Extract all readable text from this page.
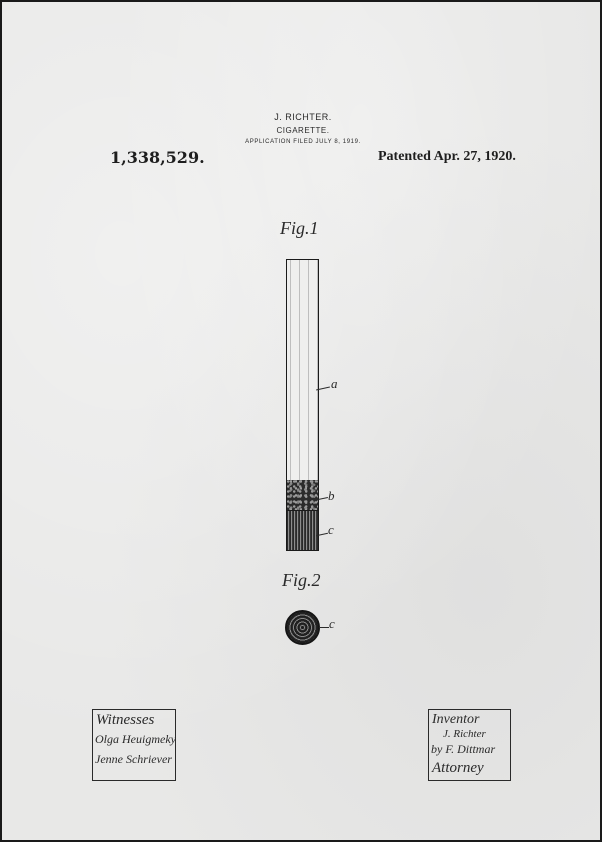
J. RICHTER.
CIGARETTE.
APPLICATION FILED JULY 8, 1919.
1,338,529.	Patented Apr. 27, 1920.
Fig.1
a
b
c
Fig.2
c
Witnesses
Olga Heuigmeky
Jenne Schriever
Inventor
J. Richter
by F. Dittmar
Attorney
